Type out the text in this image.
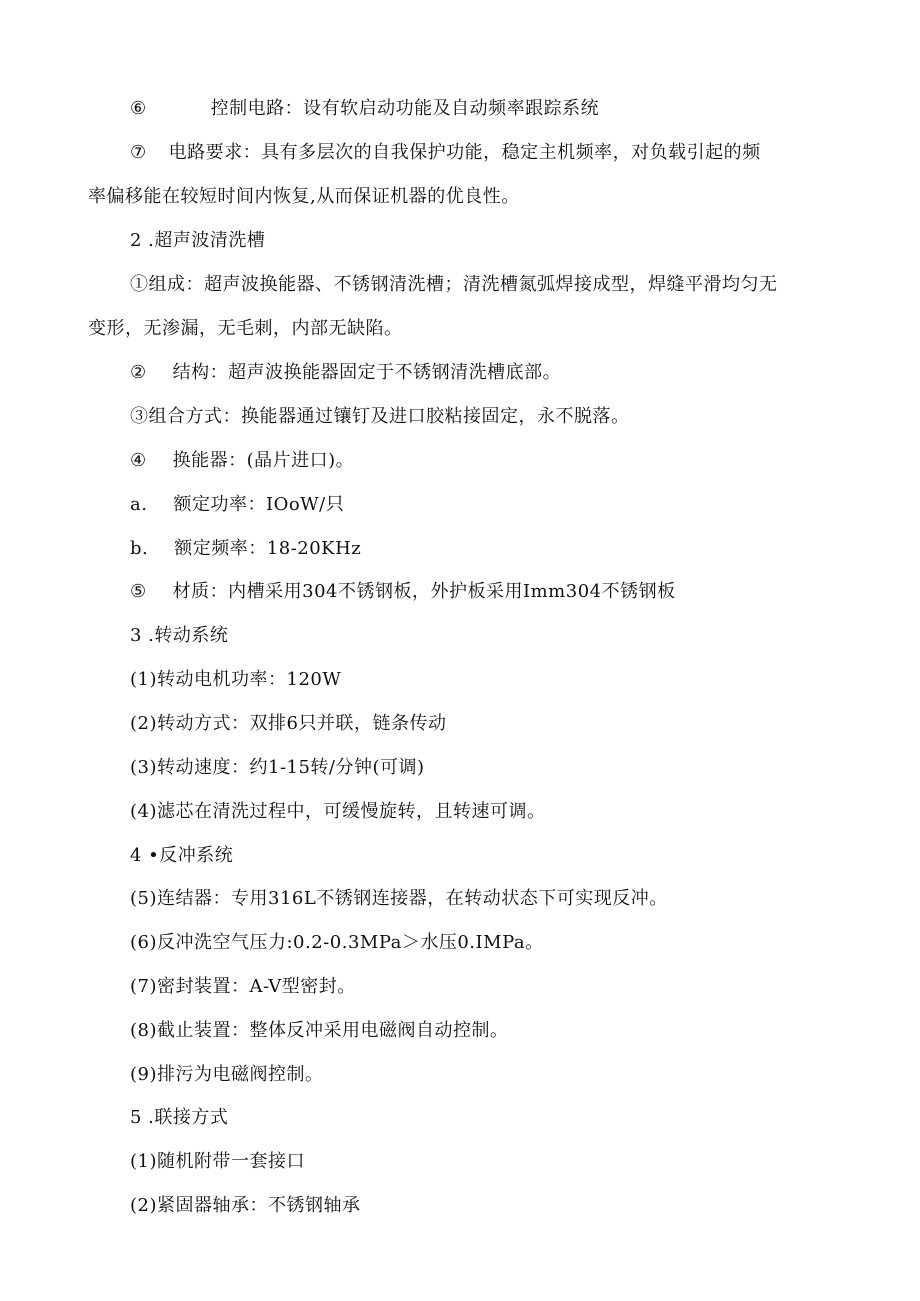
⑥	控制电路：设有软启动功能及自动频率跟踪系统
⑦ 电路要求：具有多层次的自我保护功能，稳定主机频率，对负载引起的频
率偏移能在较短时间内恢复,从而保证机器的优良性。
2 .超声波清洗槽
①组成：超声波换能器、不锈钢清洗槽；清洗槽氮弧焊接成型，焊缝平滑均匀无
变形，无渗漏，无毛刺，内部无缺陷。
② 结构：超声波换能器固定于不锈钢清洗槽底部。
③组合方式：换能器通过镶钉及进口胶粘接固定，永不脱落。
④ 换能器：(晶片进口)。
a. 额定功率：IOoW/只
b. 额定频率：18-20KHz
⑤ 材质：内槽采用304不锈钢板，外护板采用Imm304不锈钢板
3 .转动系统
(1)转动电机功率：120W
(2)转动方式：双排6只并联，链条传动
(3)转动速度：约1-15转/分钟(可调)
(4)滤芯在清洗过程中，可缓慢旋转，且转速可调。
4 •反冲系统
(5)连结器：专用316L不锈钢连接器，在转动状态下可实现反冲。
(6)反冲洗空气压力:0.2-0.3MPa＞水压0.IMPa。
(7)密封装置：A-V型密封。
(8)截止装置：整体反冲采用电磁阀自动控制。
(9)排污为电磁阀控制。
5 .联接方式
(1)随机附带一套接口
(2)紧固器轴承：不锈钢轴承
